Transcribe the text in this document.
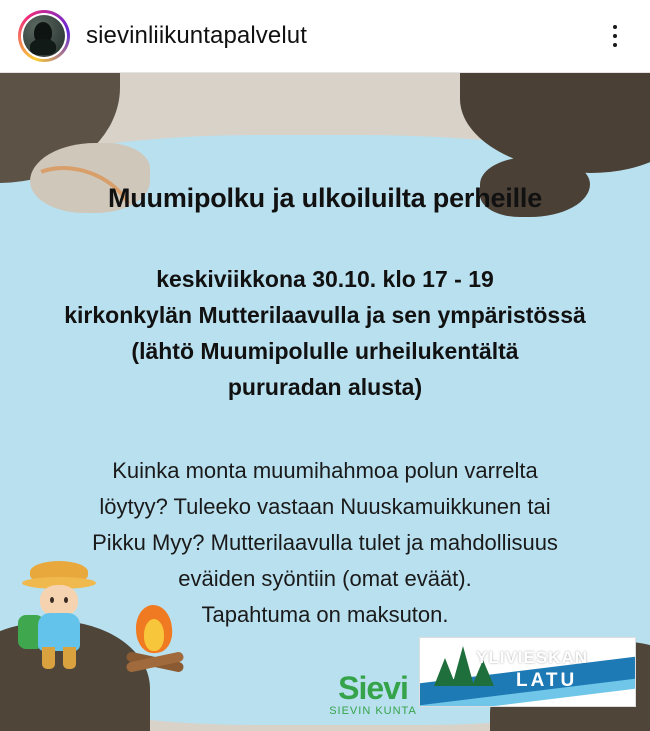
sievinliikuntapalvelut
Muumipolku ja ulkoiluilta perheille
keskiviikkona 30.10. klo 17 - 19
kirkonkylän Mutterilaavulla ja sen ympäristössä
(lähtö Muumipolulle urheilukentältä
pururadan alusta)
Kuinka monta muumihahmoa polun varrelta
löytyy? Tuleeko vastaan Nuuskamuikkunen tai
Pikku Myy? Mutterilaavulla tulet ja mahdollisuus
eväiden syöntiin (omat eväät).
Tapahtuma on maksuton.
Sievi
SIEVIN KUNTA
YLIVIESKAN
LATU
